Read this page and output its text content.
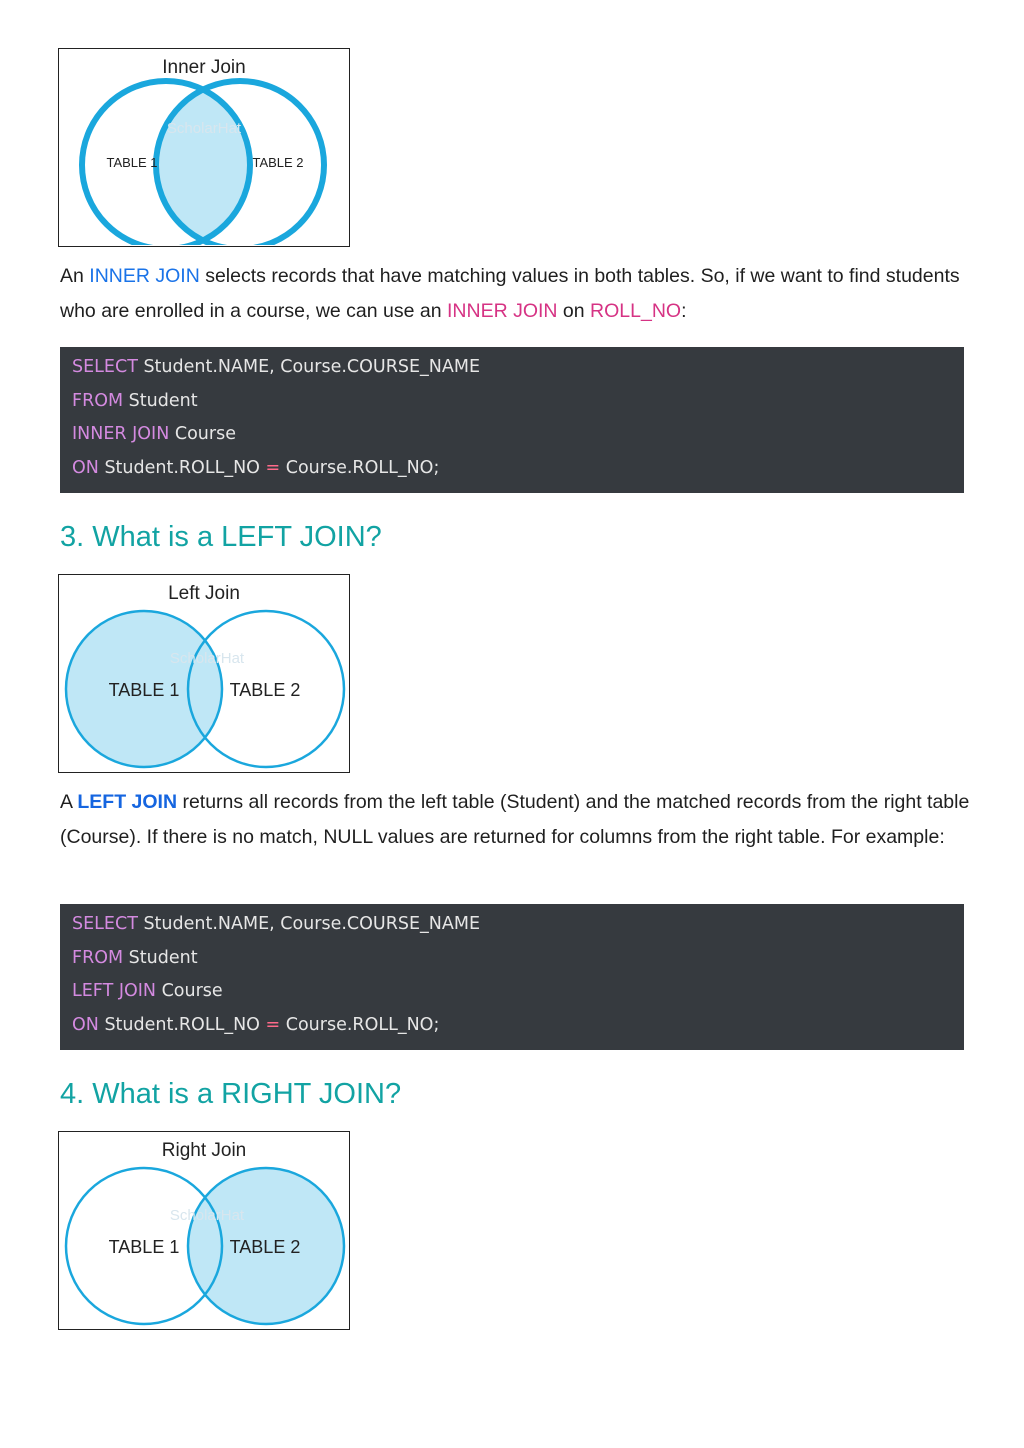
Inner Join
ScholarHat
TABLE 1	TABLE 2
An INNER JOIN selects records that have matching values in both tables. So, if we want to find students who are enrolled in a course, we can use an INNER JOIN on ROLL_NO:
SELECT Student.NAME, Course.COURSE_NAME
FROM Student
INNER JOIN Course
ON Student.ROLL_NO = Course.ROLL_NO;
3. What is a LEFT JOIN?
Left Join
ScholarHat
TABLE 1	TABLE 2
A LEFT JOIN returns all records from the left table (Student) and the matched records from the right table (Course). If there is no match, NULL values are returned for columns from the right table. For example:
SELECT Student.NAME, Course.COURSE_NAME
FROM Student
LEFT JOIN Course
ON Student.ROLL_NO = Course.ROLL_NO;
4. What is a RIGHT JOIN?
Right Join
ScholarHat
TABLE 1	TABLE 2
